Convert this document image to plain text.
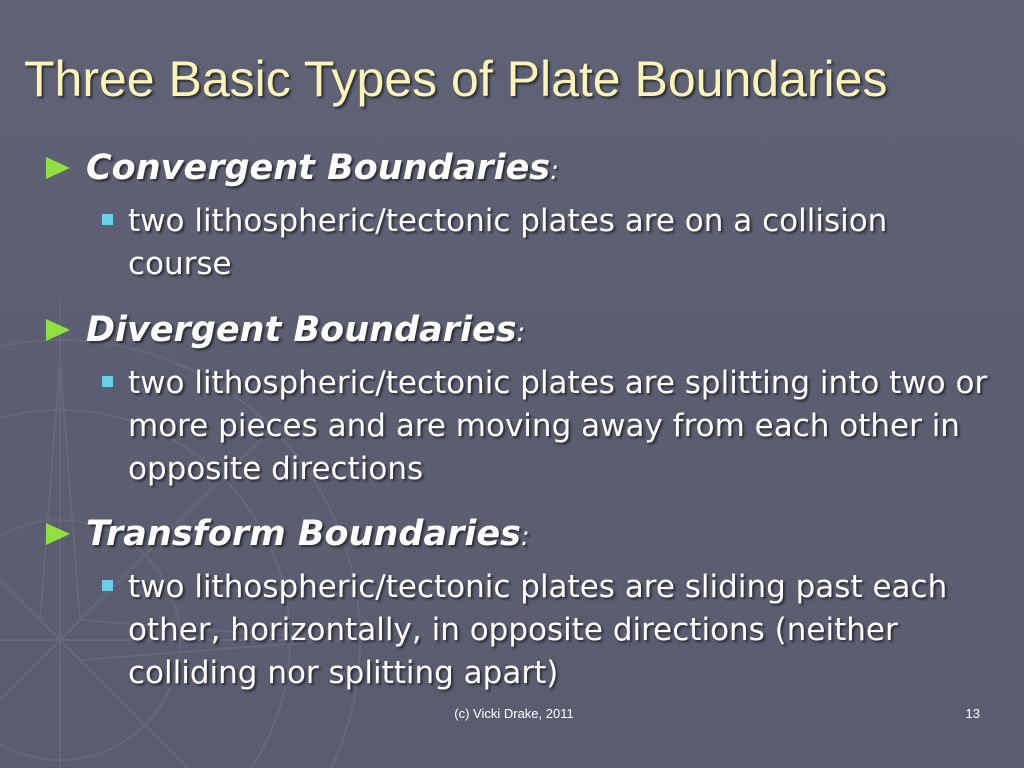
Three Basic Types of Plate Boundaries
Convergent Boundaries:
two lithospheric/tectonic plates are on a collision course
Divergent Boundaries:
two lithospheric/tectonic plates are splitting into two or more pieces and are moving away from each other in opposite directions
Transform Boundaries:
two lithospheric/tectonic plates are sliding past each other, horizontally, in opposite directions (neither colliding nor splitting apart)
(c) Vicki Drake, 2011	13
